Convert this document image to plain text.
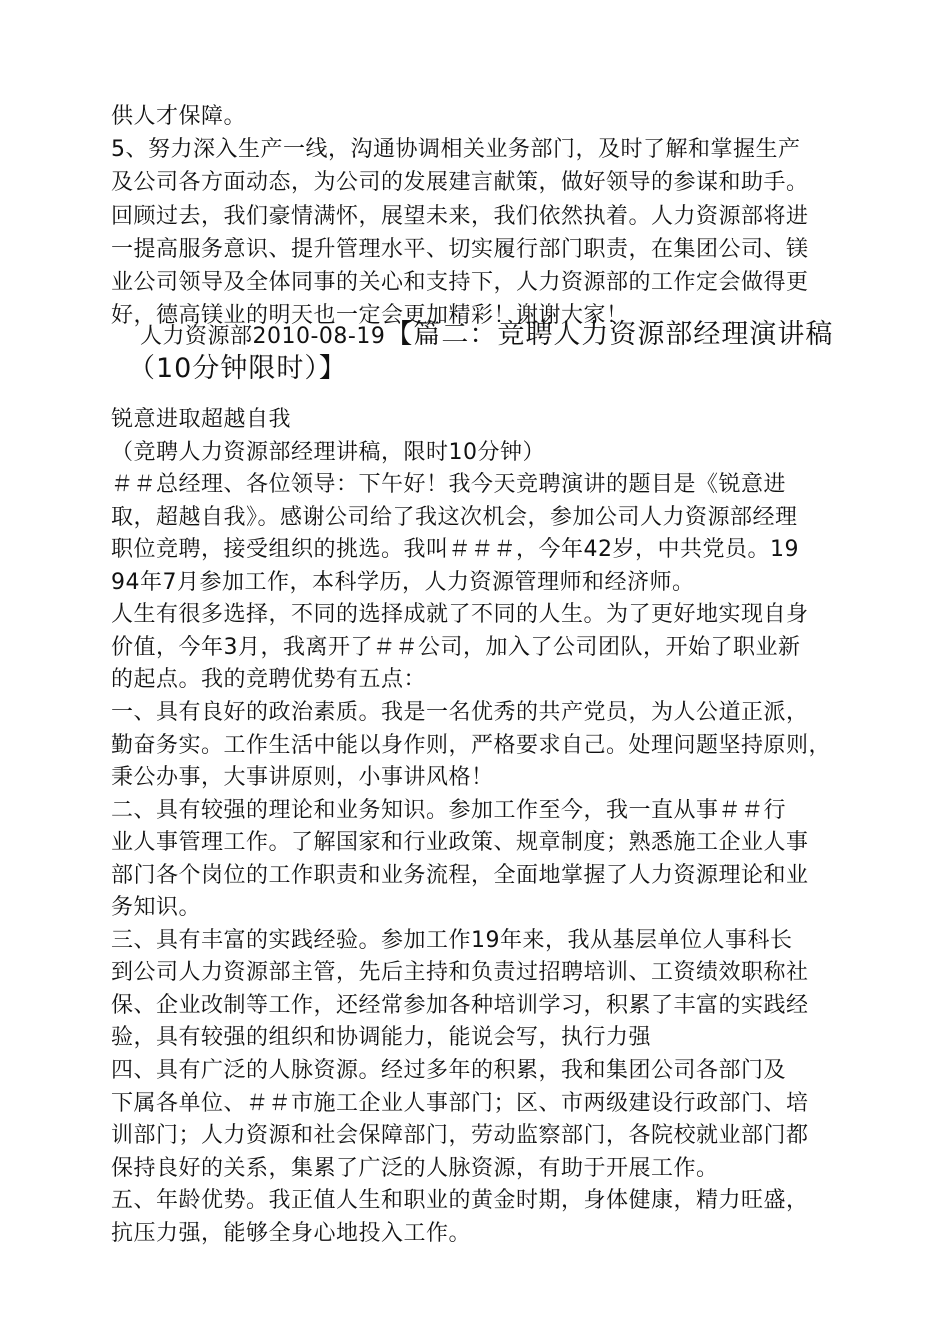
供人才保障。
5、努力深入生产一线，沟通协调相关业务部门，及时了解和掌握生产
及公司各方面动态，为公司的发展建言献策，做好领导的参谋和助手。
回顾过去，我们豪情满怀，展望未来，我们依然执着。人力资源部将进
一提高服务意识、提升管理水平、切实履行部门职责，在集团公司、镁
业公司领导及全体同事的关心和支持下，人力资源部的工作定会做得更
好，德高镁业的明天也一定会更加精彩！谢谢大家！
人力资源部2010-08-19【篇二：竞聘人力资源部经理演讲稿
（10分钟限时）】
锐意进取超越自我
（竞聘人力资源部经理讲稿，限时10分钟）
＃＃总经理、各位领导：下午好！我今天竞聘演讲的题目是《锐意进
取，超越自我》。感谢公司给了我这次机会，参加公司人力资源部经理
职位竞聘，接受组织的挑选。我叫＃＃＃，今年42岁，中共党员。19
94年7月参加工作，本科学历，人力资源管理师和经济师。
人生有很多选择，不同的选择成就了不同的人生。为了更好地实现自身
价值，今年3月，我离开了＃＃公司，加入了公司团队，开始了职业新
的起点。我的竞聘优势有五点：
一、具有良好的政治素质。我是一名优秀的共产党员，为人公道正派，
勤奋务实。工作生活中能以身作则，严格要求自己。处理问题坚持原则，
秉公办事，大事讲原则，小事讲风格！
二、具有较强的理论和业务知识。参加工作至今，我一直从事＃＃行
业人事管理工作。了解国家和行业政策、规章制度；熟悉施工企业人事
部门各个岗位的工作职责和业务流程，全面地掌握了人力资源理论和业
务知识。
三、具有丰富的实践经验。参加工作19年来，我从基层单位人事科长
到公司人力资源部主管，先后主持和负责过招聘培训、工资绩效职称社
保、企业改制等工作，还经常参加各种培训学习，积累了丰富的实践经
验，具有较强的组织和协调能力，能说会写，执行力强
四、具有广泛的人脉资源。经过多年的积累，我和集团公司各部门及
下属各单位、＃＃市施工企业人事部门；区、市两级建设行政部门、培
训部门；人力资源和社会保障部门，劳动监察部门，各院校就业部门都
保持良好的关系，集累了广泛的人脉资源，有助于开展工作。
五、年龄优势。我正值人生和职业的黄金时期，身体健康，精力旺盛，
抗压力强，能够全身心地投入工作。
